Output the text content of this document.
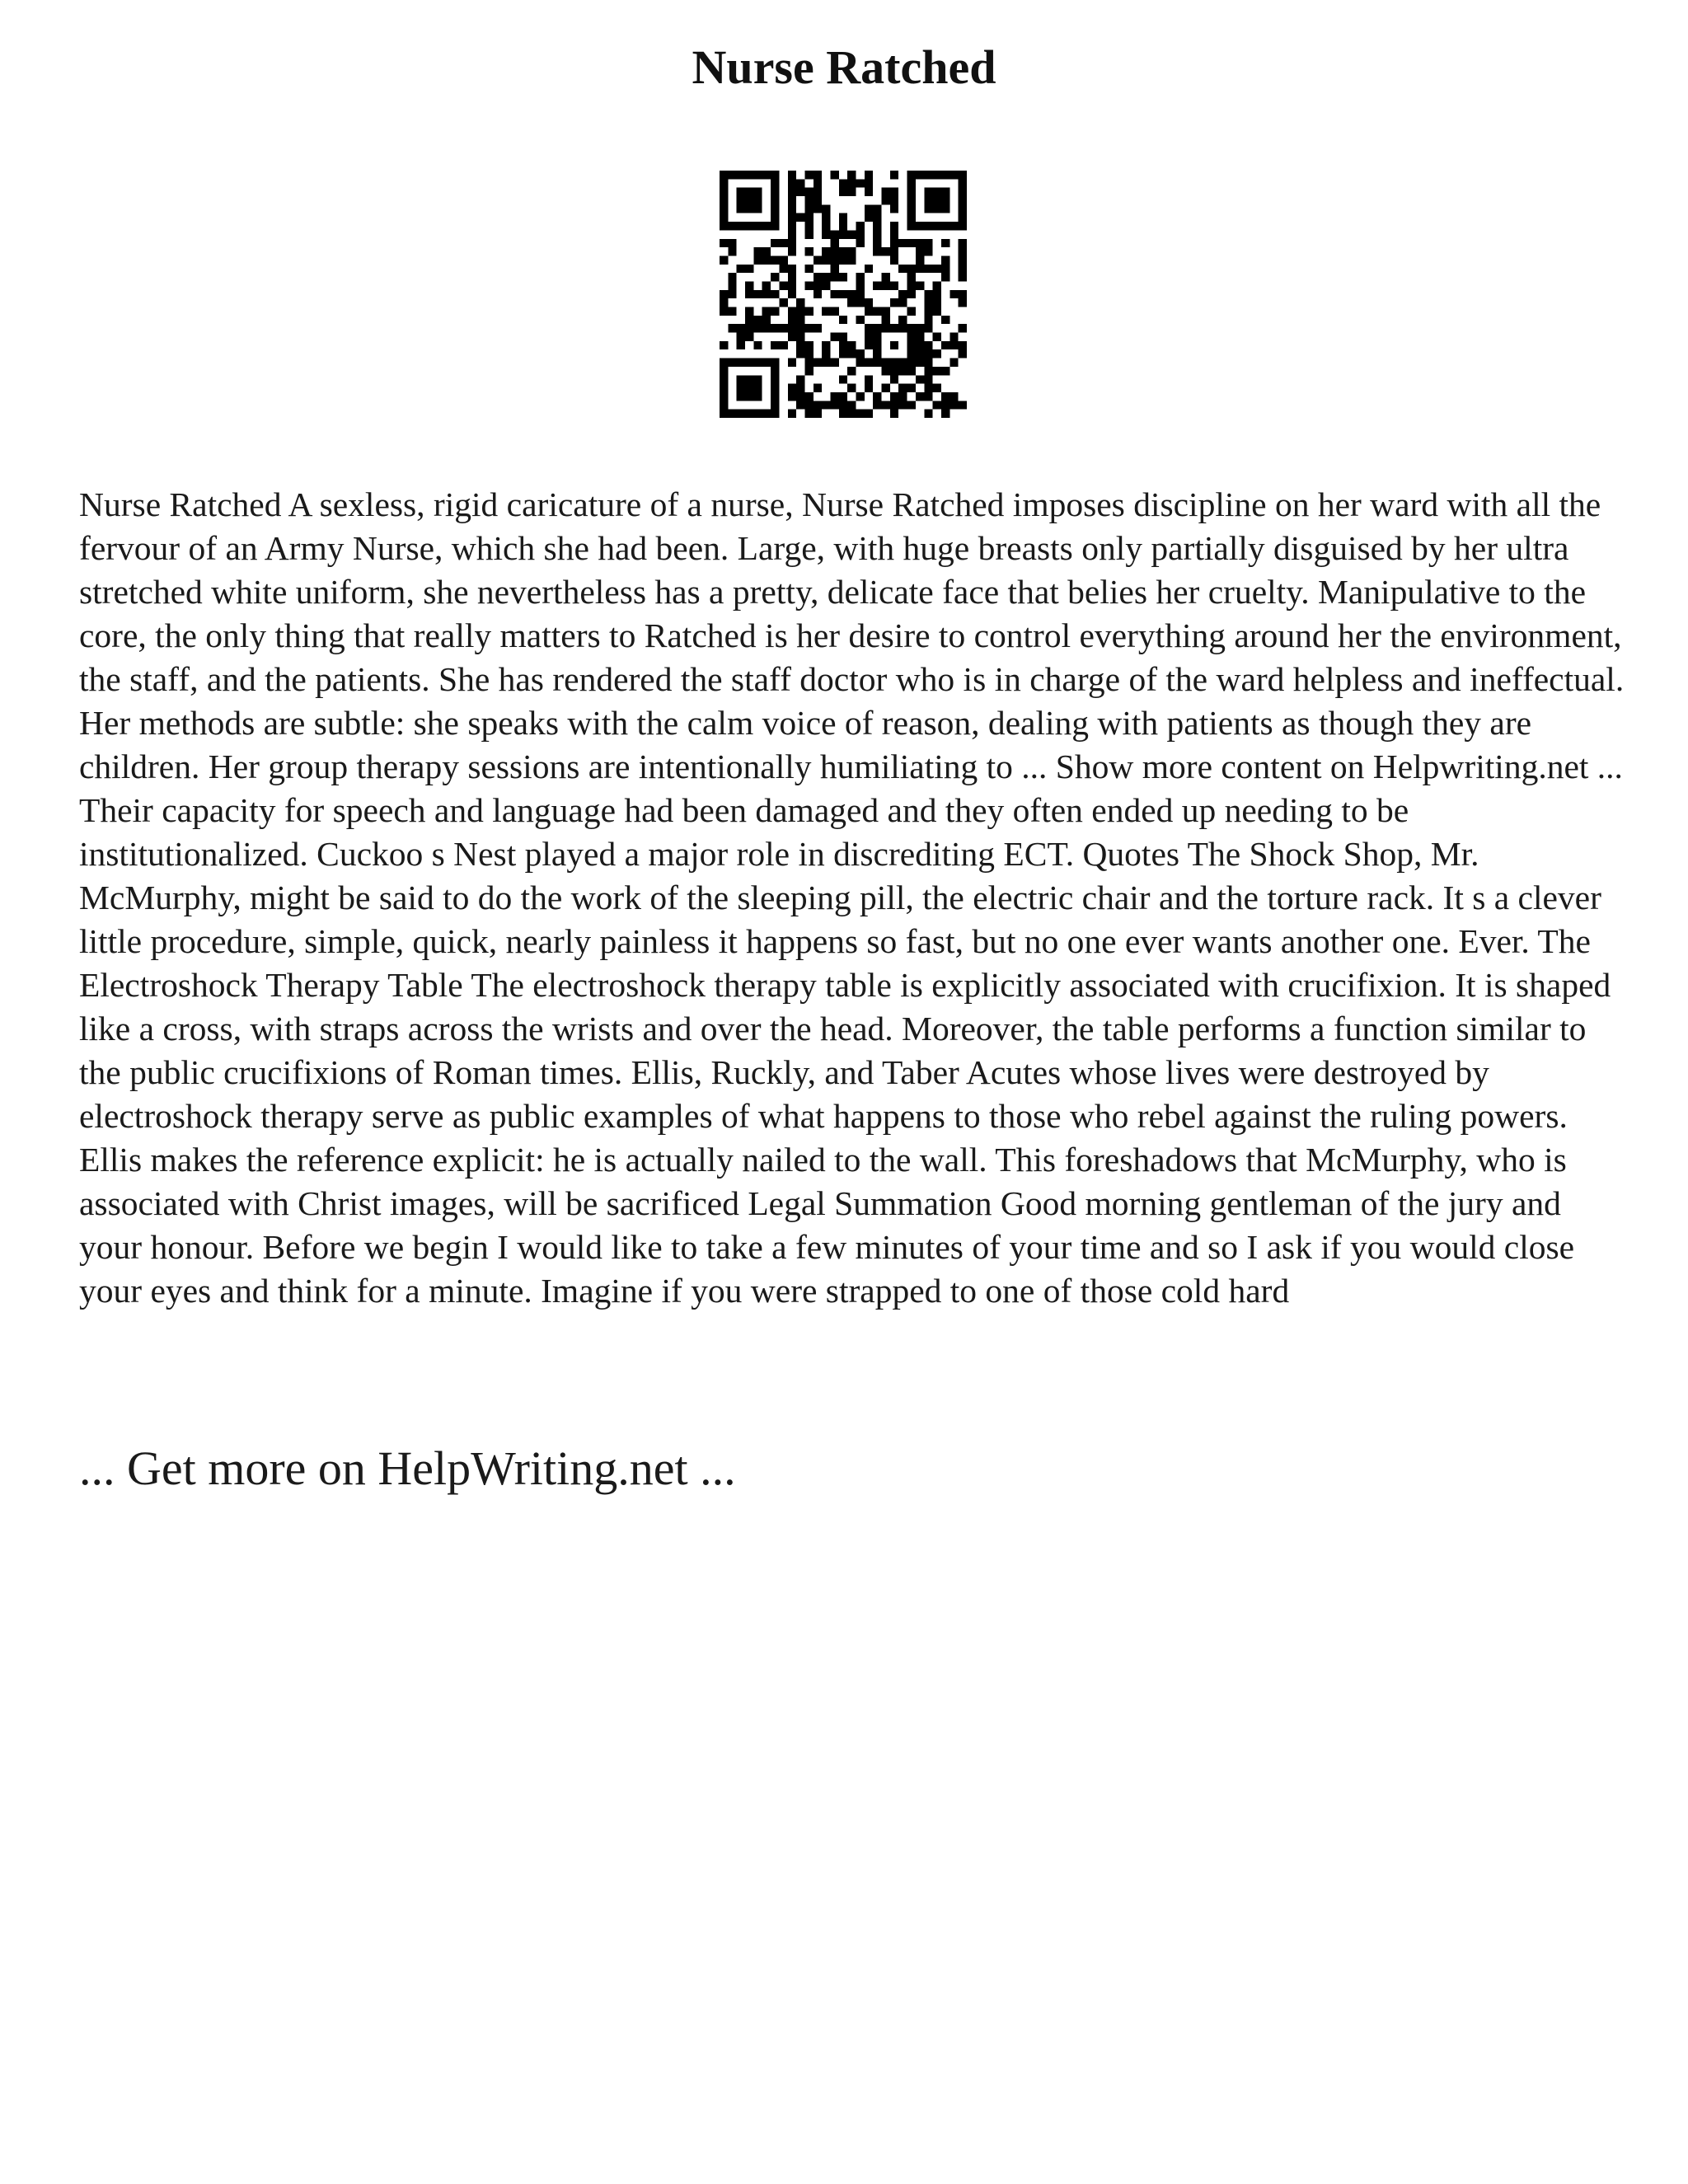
Nurse Ratched

Nurse Ratched A sexless, rigid caricature of a nurse, Nurse Ratched imposes discipline on her ward with all the fervour of an Army Nurse, which she had been. Large, with huge breasts only partially disguised by her ultra stretched white uniform, she nevertheless has a pretty, delicate face that belies her cruelty. Manipulative to the core, the only thing that really matters to Ratched is her desire to control everything around her the environment, the staff, and the patients. She has rendered the staff doctor who is in charge of the ward helpless and ineffectual. Her methods are subtle: she speaks with the calm voice of reason, dealing with patients as though they are children. Her group therapy sessions are intentionally humiliating to ... Show more content on Helpwriting.net ...

Their capacity for speech and language had been damaged and they often ended up needing to be institutionalized. Cuckoo s Nest played a major role in discrediting ECT. Quotes The Shock Shop, Mr. McMurphy, might be said to do the work of the sleeping pill, the electric chair and the torture rack. It s a clever little procedure, simple, quick, nearly painless it happens so fast, but no one ever wants another one. Ever. The Electroshock Therapy Table The electroshock therapy table is explicitly associated with crucifixion. It is shaped like a cross, with straps across the wrists and over the head. Moreover, the table performs a function similar to the public crucifixions of Roman times. Ellis, Ruckly, and Taber Acutes whose lives were destroyed by electroshock therapy serve as public examples of what happens to those who rebel against the ruling powers. Ellis makes the reference explicit: he is actually nailed to the wall. This foreshadows that McMurphy, who is associated with Christ images, will be sacrificed Legal Summation Good morning gentleman of the jury and your honour. Before we begin I would like to take a few minutes of your time and so I ask if you would close your eyes and think for a minute. Imagine if you were strapped to one of those cold hard

... Get more on HelpWriting.net ...
